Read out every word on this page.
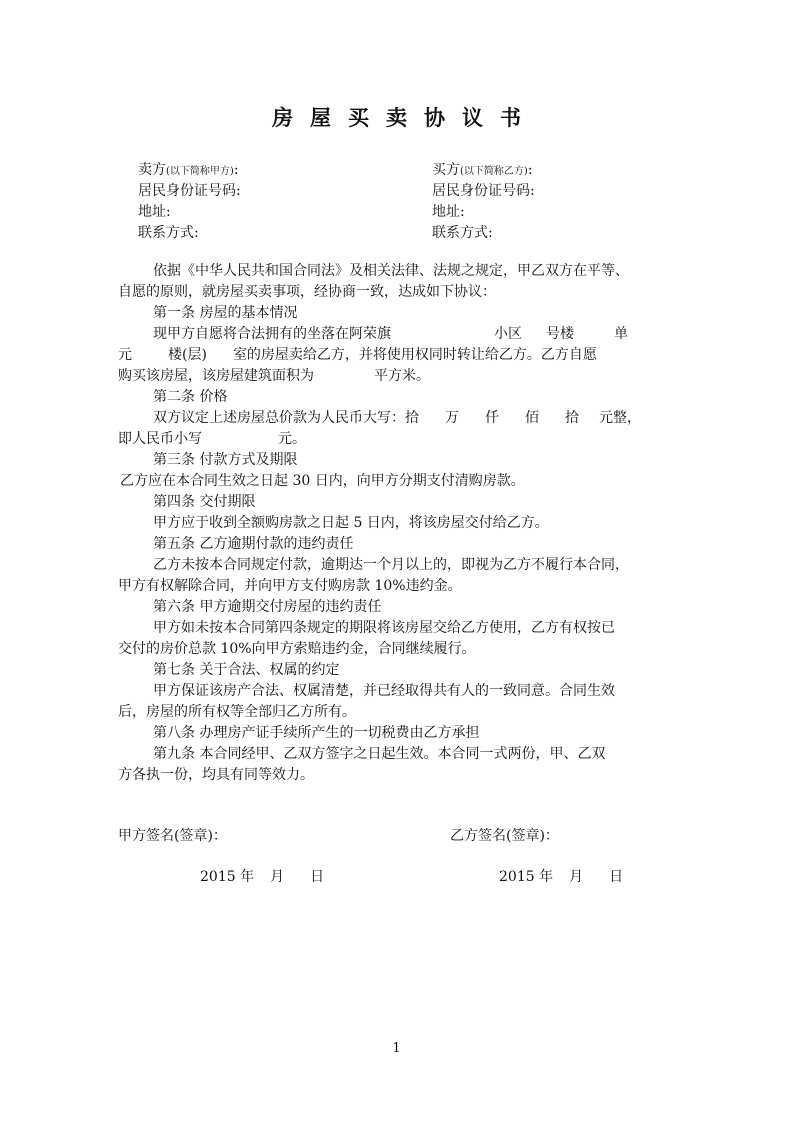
房屋买卖协议书
卖方(以下简称甲方):	买方(以下简称乙方):
居民身份证号码:	居民身份证号码:
地址:	地址:
联系方式:	联系方式:
依据《中华人民共和国合同法》及相关法律、法规之规定，甲乙双方在平等、
自愿的原则，就房屋买卖事项，经协商一致，达成如下协议：
第一条 房屋的基本情况
现甲方自愿将合法拥有的坐落在阿荣旗	小区 号楼	单
元	楼(层) 室的房屋卖给乙方，并将使用权同时转让给乙方。乙方自愿
购买该房屋，该房屋建筑面积为	平方米。
第二条 价格
双方议定上述房屋总价款为人民币大写：拾 万 仟 佰 拾 元整，
即人民币小写	元。
第三条 付款方式及期限
乙方应在本合同生效之日起 30 日内，向甲方分期支付清购房款。
第四条 交付期限
甲方应于收到全额购房款之日起 5 日内，将该房屋交付给乙方。
第五条 乙方逾期付款的违约责任
乙方未按本合同规定付款，逾期达一个月以上的，即视为乙方不履行本合同，
甲方有权解除合同，并向甲方支付购房款 10%违约金。
第六条 甲方逾期交付房屋的违约责任
甲方如未按本合同第四条规定的期限将该房屋交给乙方使用，乙方有权按已
交付的房价总款 10%向甲方索赔违约金，合同继续履行。
第七条 关于合法、权属的约定
甲方保证该房产合法、权属清楚，并已经取得共有人的一致同意。合同生效
后，房屋的所有权等全部归乙方所有。
第八条 办理房产证手续所产生的一切税费由乙方承担
第九条 本合同经甲、乙双方签字之日起生效。本合同一式两份，甲、乙双
方各执一份，均具有同等效力。
甲方签名(签章)：	乙方签名(签章)：
2015 年 月 日	2015 年 月 日
1
